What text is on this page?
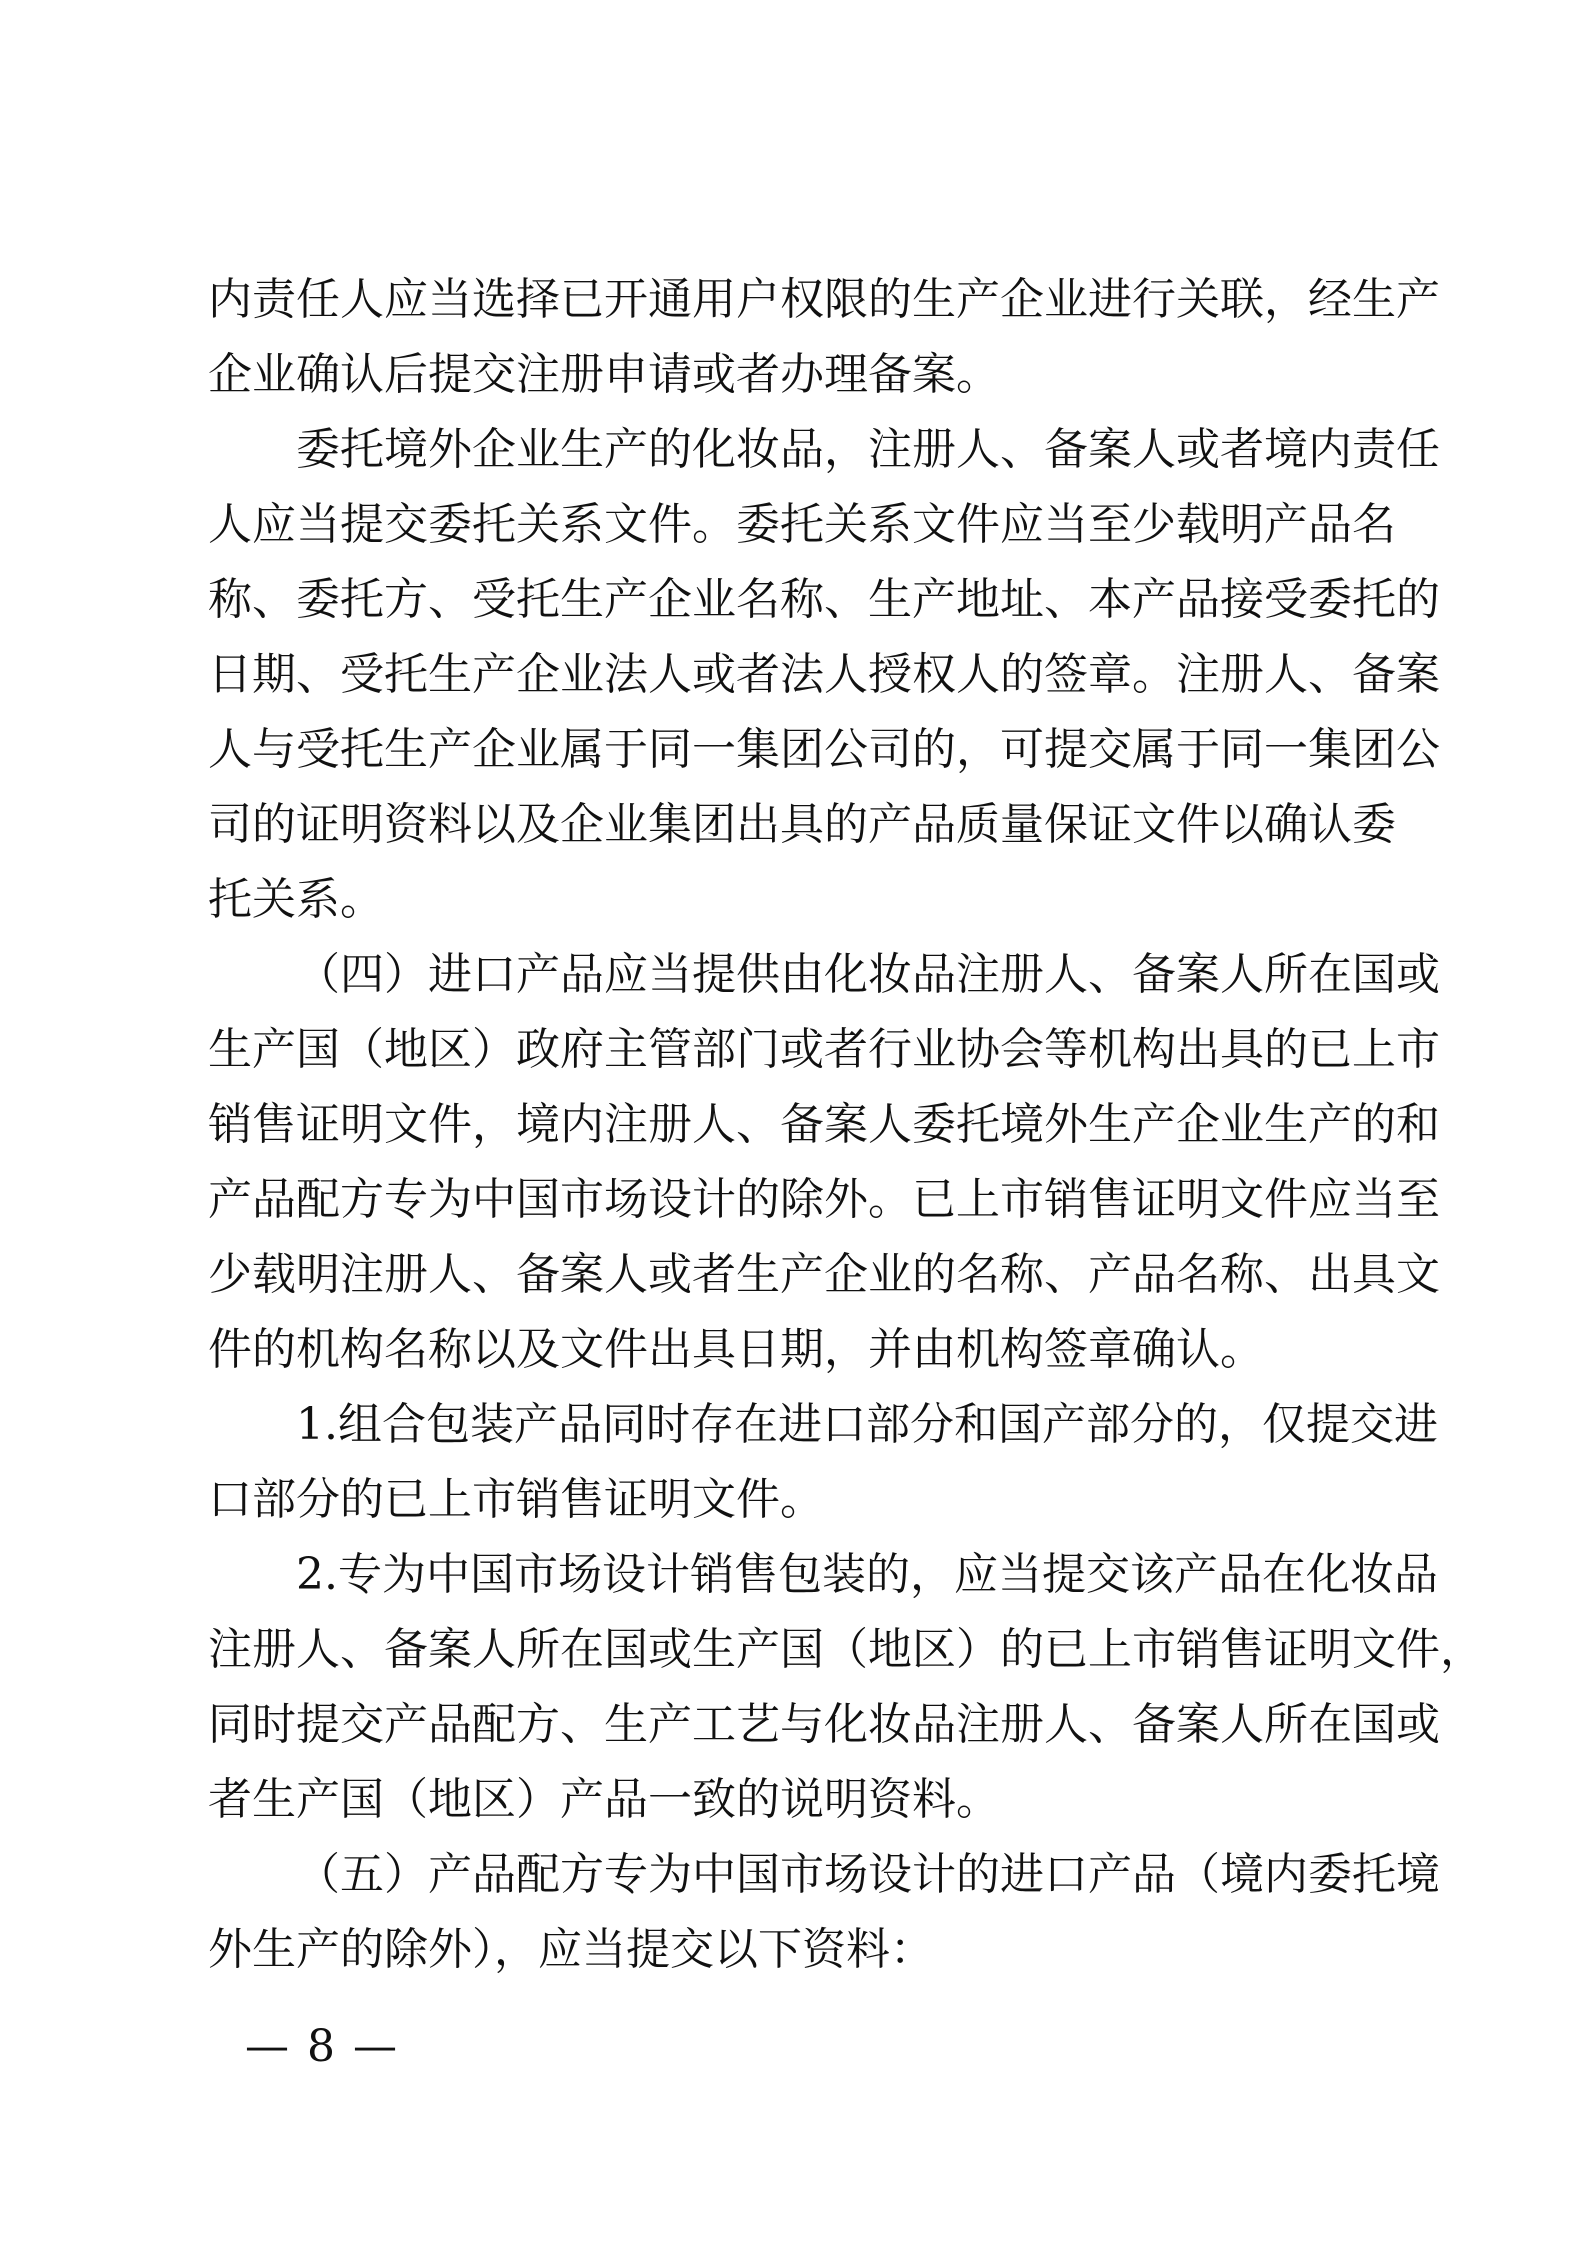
内责任人应当选择已开通用户权限的生产企业进行关联，经生产
企业确认后提交注册申请或者办理备案。
委托境外企业生产的化妆品，注册人、备案人或者境内责任
人应当提交委托关系文件。委托关系文件应当至少载明产品名
称、委托方、受托生产企业名称、生产地址、本产品接受委托的
日期、受托生产企业法人或者法人授权人的签章。注册人、备案
人与受托生产企业属于同一集团公司的，可提交属于同一集团公
司的证明资料以及企业集团出具的产品质量保证文件以确认委
托关系。
（四）进口产品应当提供由化妆品注册人、备案人所在国或
生产国（地区）政府主管部门或者行业协会等机构出具的已上市
销售证明文件，境内注册人、备案人委托境外生产企业生产的和
产品配方专为中国市场设计的除外。已上市销售证明文件应当至
少载明注册人、备案人或者生产企业的名称、产品名称、出具文
件的机构名称以及文件出具日期，并由机构签章确认。
1.组合包装产品同时存在进口部分和国产部分的，仅提交进
口部分的已上市销售证明文件。
2.专为中国市场设计销售包装的，应当提交该产品在化妆品
注册人、备案人所在国或生产国（地区）的已上市销售证明文件，
同时提交产品配方、生产工艺与化妆品注册人、备案人所在国或
者生产国（地区）产品一致的说明资料。
（五）产品配方专为中国市场设计的进口产品（境内委托境
外生产的除外），应当提交以下资料：
— 8 —
